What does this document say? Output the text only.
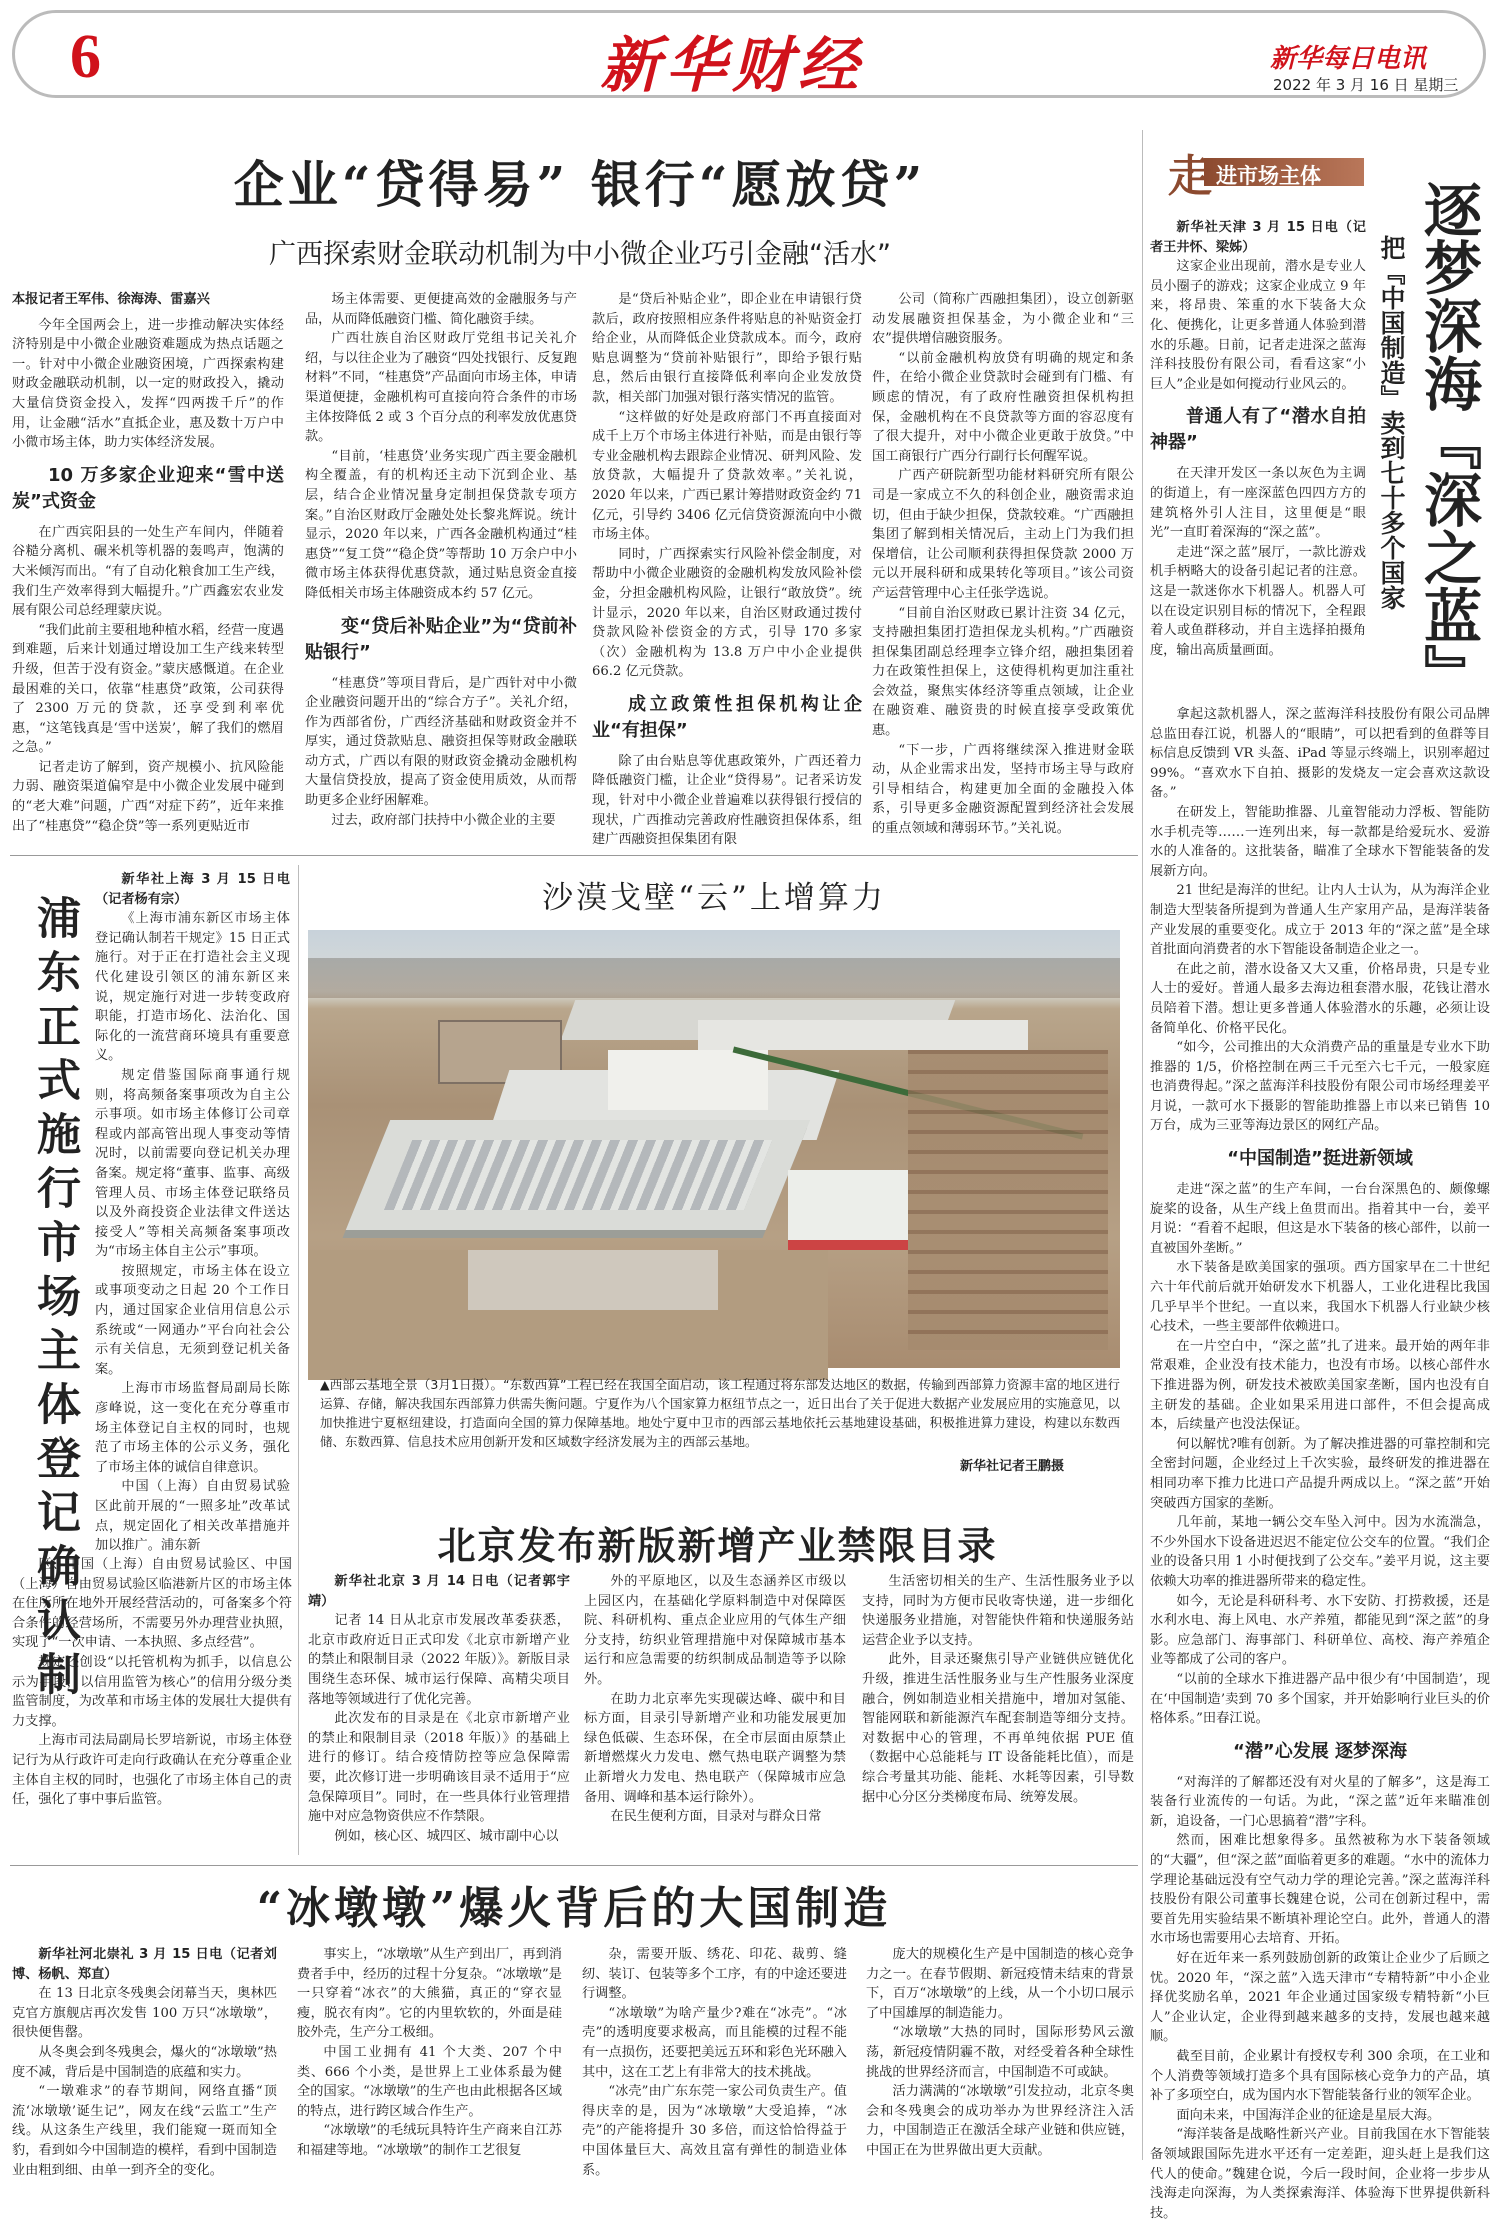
6	新华财经	新华每日电讯
2022 年 3 月 16 日 星期三
企业“贷得易” 银行“愿放贷”
广西探索财金联动机制为中小微企业巧引金融“活水”

本报记者王军伟、徐海涛、雷嘉兴

今年全国两会上，进一步推动解决实体经济特别是中小微企业融资难题成为热点话题之一。针对中小微企业融资困境，广西探索构建财政金融联动机制，以一定的财政投入，撬动大量信贷资金投入，发挥“四两拨千斤”的作用，让金融“活水”直抵企业，惠及数十万户中小微市场主体，助力实体经济发展。

10 万多家企业迎来“雪中送炭”式资金

在广西宾阳县的一处生产车间内，伴随着谷糙分离机、碾米机等机器的轰鸣声，饱满的大米倾泻而出。“有了自动化粮食加工生产线，我们生产效率得到大幅提升。”广西鑫宏农业发展有限公司总经理蒙庆说。

“我们此前主要租地种植水稻，经营一度遇到难题，后来计划通过增设加工生产线来转型升级，但苦于没有资金。”蒙庆感慨道。在企业最困难的关口，依靠“桂惠贷”政策，公司获得了 2300 万元的贷款，还享受到利率优惠，“这笔钱真是‘雪中送炭’，解了我们的燃眉之急。”

记者走访了解到，资产规模小、抗风险能力弱、融资渠道偏窄是中小微企业发展中碰到的“老大难”问题，广西“对症下药”，近年来推出了“桂惠贷”“稳企贷”等一系列更贴近市

场主体需要、更便捷高效的金融服务与产品，从而降低融资门槛、简化融资手续。

广西壮族自治区财政厅党组书记关礼介绍，与以往企业为了融资“四处找银行、反复跑材料”不同，“桂惠贷”产品面向市场主体，申请渠道便捷，金融机构可直接向符合条件的市场主体按降低 2 或 3 个百分点的利率发放优惠贷款。

“目前，‘桂惠贷’业务实现广西主要金融机构全覆盖，有的机构还主动下沉到企业、基层，结合企业情况量身定制担保贷款专项方案。”自治区财政厅金融处处长黎兆辉说。统计显示，2020 年以来，广西各金融机构通过“桂惠贷”“复工贷”“稳企贷”等帮助 10 万余户中小微市场主体获得优惠贷款，通过贴息资金直接降低相关市场主体融资成本约 57 亿元。

变“贷后补贴企业”为“贷前补贴银行”

“桂惠贷”等项目背后，是广西针对中小微企业融资问题开出的“综合方子”。关礼介绍，作为西部省份，广西经济基础和财政资金并不厚实，通过贷款贴息、融资担保等财政金融联动方式，广西以有限的财政资金撬动金融机构大量信贷投放，提高了资金使用质效，从而帮助更多企业纾困解难。

过去，政府部门扶持中小微企业的主要

是“贷后补贴企业”，即企业在申请银行贷款后，政府按照相应条件将贴息的补贴资金打给企业，从而降低企业贷款成本。而今，政府贴息调整为“贷前补贴银行”，即给予银行贴息，然后由银行直接降低利率向企业发放贷款，相关部门加强对银行落实情况的监管。

“这样做的好处是政府部门不再直接面对成千上万个市场主体进行补贴，而是由银行等专业金融机构去跟踪企业情况、研判风险、发放贷款，大幅提升了贷款效率。”关礼说，2020 年以来，广西已累计筹措财政资金约 71 亿元，引导约 3406 亿元信贷资源流向中小微市场主体。

同时，广西探索实行风险补偿金制度，对帮助中小微企业融资的金融机构发放风险补偿金，分担金融机构风险，让银行“敢放贷”。统计显示，2020 年以来，自治区财政通过拨付贷款风险补偿资金的方式，引导 170 多家（次）金融机构为 13.8 万户中小企业提供 66.2 亿元贷款。

成立政策性担保机构让企业“有担保”

除了由台贴息等优惠政策外，广西还着力降低融资门槛，让企业“贷得易”。记者采访发现，针对中小微企业普遍难以获得银行授信的现状，广西推动完善政府性融资担保体系，组建广西融资担保集团有限

公司（简称广西融担集团），设立创新驱动发展融资担保基金，为小微企业和“三农”提供增信融资服务。

“以前金融机构放贷有明确的规定和条件，在给小微企业贷款时会碰到有门槛、有顾虑的情况，有了政府性融资担保机构担保，金融机构在不良贷款等方面的容忍度有了很大提升，对中小微企业更敢于放贷。”中国工商银行广西分行副行长何醒军说。

广西产研院新型功能材料研究所有限公司是一家成立不久的科创企业，融资需求迫切，但由于缺少担保，贷款较难。“广西融担集团了解到相关情况后，主动上门为我们担保增信，让公司顺利获得担保贷款 2000 万元以开展科研和成果转化等项目。”该公司资产运营管理中心主任张学选说。

“目前自治区财政已累计注资 34 亿元，支持融担集团打造担保龙头机构。”广西融资担保集团副总经理李立锋介绍，融担集团着力在政策性担保上，这使得机构更加注重社会效益，聚焦实体经济等重点领域，让企业在融资难、融资贵的时候直接享受政策优惠。

“下一步，广西将继续深入推进财金联动，从企业需求出发，坚持市场主导与政府引导相结合，构建更加全面的金融投入体系，引导更多金融资源配置到经济社会发展的重点领域和薄弱环节。”关礼说。

走 进市场主体
逐梦深海『深之蓝』
把『中国制造』卖到七十多个国家

新华社天津 3 月 15 日电（记者王井怀、梁姊）

这家企业出现前，潜水是专业人员小圈子的游戏；这家企业成立 9 年来，将昂贵、笨重的水下装备大众化、便携化，让更多普通人体验到潜水的乐趣。日前，记者走进深之蓝海洋科技股份有限公司，看看这家“小巨人”企业是如何搅动行业风云的。

普通人有了“潜水自拍神器”

在天津开发区一条以灰色为主调的街道上，有一座深蓝色四四方方的建筑格外引人注目，这里便是“眼光”一直盯着深海的“深之蓝”。

走进“深之蓝”展厅，一款比游戏机手柄略大的设备引起记者的注意。这是一款迷你水下机器人。机器人可以在设定识别目标的情况下，全程跟着人或鱼群移动，并自主选择拍摄角度，输出高质量画面。

拿起这款机器人，深之蓝海洋科技股份有限公司品牌总监田春江说，机器人的“眼睛”，可以把看到的鱼群等目标信息反馈到 VR 头盔、iPad 等显示终端上，识别率超过 99%。“喜欢水下自拍、摄影的发烧友一定会喜欢这款设备。”

在研发上，智能助推器、儿童智能动力浮板、智能防水手机壳等……一连列出来，每一款都是给爱玩水、爱游水的人准备的。这批装备，瞄准了全球水下智能装备的发展新方向。

21 世纪是海洋的世纪。让内人士认为，从为海洋企业制造大型装备所提到为普通人生产家用产品，是海洋装备产业发展的重要变化。成立于 2013 年的“深之蓝”是全球首批面向消费者的水下智能设备制造企业之一。

在此之前，潜水设备又大又重，价格昂贵，只是专业人士的爱好。普通人最多去海边租套潜水服，花钱让潜水员陪着下潜。想让更多普通人体验潜水的乐趣，必须让设备简单化、价格平民化。

“如今，公司推出的大众消费产品的重量是专业水下助推器的 1/5，价格控制在两三千元至六七千元，一般家庭也消费得起。”深之蓝海洋科技股份有限公司市场经理姜平月说，一款可水下摄影的智能助推器上市以来已销售 10 万台，成为三亚等海边景区的网红产品。

“中国制造”挺进新领域

走进“深之蓝”的生产车间，一台台深黑色的、颇像螺旋桨的设备，从生产线上鱼贯而出。指着其中一台，姜平月说：“看着不起眼，但这是水下装备的核心部件，以前一直被国外垄断。”

水下装备是欧美国家的强项。西方国家早在二十世纪六十年代前后就开始研发水下机器人，工业化进程比我国几乎早半个世纪。一直以来，我国水下机器人行业缺少核心技术，一些主要部件依赖进口。

在一片空白中，“深之蓝”扎了进来。最开始的两年非常艰难，企业没有技术能力，也没有市场。以核心部件水下推进器为例，研发技术被欧美国家垄断，国内也没有自主研发的基础。企业如果采用进口部件，不但会提高成本，后续量产也没法保证。

何以解忧?唯有创新。为了解决推进器的可靠控制和完全密封问题，企业经过上千次实验，最终研发的推进器在相同功率下推力比进口产品提升两成以上。“深之蓝”开始突破西方国家的垄断。

几年前，某地一辆公交车坠入河中。因为水流湍急，不少外国水下设备进迟迟不能定位公交车的位置。“我们企业的设备只用 1 小时便找到了公交车。”姜平月说，这主要依赖大功率的推进器所带来的稳定性。

如今，无论是科研科考、水下安防、打捞救援，还是水利水电、海上风电、水产养殖，都能见到“深之蓝”的身影。应急部门、海事部门、科研单位、高校、海产养殖企业等都成了公司的客户。

“以前的全球水下推进器产品中很少有‘中国制造’，现在‘中国制造’卖到 70 多个国家，并开始影响行业巨头的价格体系。”田春江说。

“潜”心发展 逐梦深海

“对海洋的了解都还没有对火星的了解多”，这是海工装备行业流传的一句话。为此，“深之蓝”近年来瞄准创新，追设备，一门心思搞着“潜”字科。

然而，困难比想象得多。虽然被称为水下装备领域的“大疆”，但“深之蓝”面临着更多的难题。“水中的流体力学理论基础远没有空气动力学的理论完善。”深之蓝海洋科技股份有限公司董事长魏建仓说，公司在创新过程中，需要首先用实验结果不断填补理论空白。此外，普通人的潜水市场也需要用心去培育、开拓。

好在近年来一系列鼓励创新的政策让企业少了后顾之忧。2020 年，“深之蓝”入选天津市“专精特新”中小企业择优奖励名单，2021 年企业通过国家级专精特新“小巨人”企业认定，企业得到越来越多的支持，发展也越来越顺。

截至目前，企业累计有授权专利 300 余项，在工业和个人消费等领域打造多个具有国际核心竞争力的产品，填补了多项空白，成为国内水下智能装备行业的领军企业。

面向未来，中国海洋企业的征途是星辰大海。

“海洋装备是战略性新兴产业。目前我国在水下智能装备领域跟国际先进水平还有一定差距，迎头赶上是我们这代人的使命。”魏建仓说，今后一段时间，企业将一步步从浅海走向深海，为人类探索海洋、体验海下世界提供新科技。

浦东正式施行市场主体登记确认制

新华社上海 3 月 15 日电（记者杨有宗）

《上海市浦东新区市场主体登记确认制若干规定》15 日正式施行。对于正在打造社会主义现代化建设引领区的浦东新区来说，规定施行对进一步转变政府职能，打造市场化、法治化、国际化的一流营商环境具有重要意义。

规定借鉴国际商事通行规则，将高频备案事项改为自主公示事项。如市场主体修订公司章程或内部高管出现人事变动等情况时，以前需要向登记机关办理备案。规定将“董事、监事、高级管理人员、市场主体登记联络员以及外商投资企业法律文件送达接受人”等相关高频备案事项改为“市场主体自主公示”事项。

按照规定，市场主体在设立或事项变动之日起 20 个工作日内，通过国家企业信用信息公示系统或“一网通办”平台向社会公示有关信息，无须到登记机关备案。

上海市市场监督局副局长陈彦峰说，这一变化在充分尊重市场主体登记自主权的同时，也规范了市场主体的公示义务，强化了市场主体的诚信自律意识。

中国（上海）自由贸易试验区此前开展的“一照多址”改革试点，规定固化了相关改革措施并加以推广。浦东新

区、中国（上海）自由贸易试验区、中国（上海）自由贸易试验区临港新片区的市场主体在住所所在地外开展经营活动的，可备案多个符合条件的经营场所，不需要另外办理营业执照，实现了“一次申请、一本执照、多点经营”。

规定还创设“以托管机构为抓手，以信息公示为手段，以信用监管为核心”的信用分级分类监管制度，为改革和市场主体的发展壮大提供有力支撑。

上海市司法局副局长罗培新说，市场主体登记行为从行政许可走向行政确认在充分尊重企业主体自主权的同时，也强化了市场主体自己的责任，强化了事中事后监管。

沙漠戈壁“云”上增算力
▲西部云基地全景（3月1日摄）。“东数西算”工程已经在我国全面启动，该工程通过将东部发达地区的数据，传输到西部算力资源丰富的地区进行运算、存储，解决我国东西部算力供需失衡问题。宁夏作为八个国家算力枢纽节点之一，近日出台了关于促进大数据产业发展应用的实施意见，以加快推进宁夏枢纽建设，打造面向全国的算力保障基地。地处宁夏中卫市的西部云基地依托云基地建设基础，积极推进算力建设，构建以东数西储、东数西算、信息技术应用创新开发和区域数字经济发展为主的西部云基地。
新华社记者王鹏摄
北京发布新版新增产业禁限目录

新华社北京 3 月 14 日电（记者郭宇靖）

记者 14 日从北京市发展改革委获悉，北京市政府近日正式印发《北京市新增产业的禁止和限制目录（2022 年版）》。新版目录围绕生态环保、城市运行保障、高精尖项目落地等领域进行了优化完善。

此次发布的目录是在《北京市新增产业的禁止和限制目录（2018 年版）》的基础上进行的修订。结合疫情防控等应急保障需要，此次修订进一步明确该目录不适用于“应急保障项目”。同时，在一些具体行业管理措施中对应急物资供应不作禁限。

例如，核心区、城四区、城市副中心以

外的平原地区，以及生态涵养区市级以上园区内，在基础化学原料制造中对保障医院、科研机构、重点企业应用的气体生产细分支持，纺织业管理措施中对保障城市基本运行和应急需要的纺织制成品制造等予以除外。

在助力北京率先实现碳达峰、碳中和目标方面，目录引导新增产业和功能发展更加绿色低碳、生态环保，在全市层面由原禁止新增燃煤火力发电、燃气热电联产调整为禁止新增火力发电、热电联产（保障城市应急备用、调峰和基本运行除外）。

在民生便利方面，目录对与群众日常

生活密切相关的生产、生活性服务业予以支持，同时为方便市民收寄快递，进一步细化快递服务业措施，对智能快件箱和快递服务站运营企业予以支持。

此外，目录还聚焦引导产业链供应链优化升级，推进生活性服务业与生产性服务业深度融合，例如制造业相关措施中，增加对氢能、智能网联和新能源汽车配套制造等细分支持。对数据中心的管理，不再单纯依据 PUE 值（数据中心总能耗与 IT 设备能耗比值），而是综合考量其功能、能耗、水耗等因素，引导数据中心分区分类梯度布局、统筹发展。

“冰墩墩”爆火背后的大国制造

新华社河北崇礼 3 月 15 日电（记者刘博、杨帆、郑直）

在 13 日北京冬残奥会闭幕当天，奥林匹克官方旗舰店再次发售 100 万只“冰墩墩”，很快便售罄。

从冬奥会到冬残奥会，爆火的“冰墩墩”热度不减，背后是中国制造的底蕴和实力。

“一墩难求”的春节期间，网络直播“顶流‘冰墩墩’诞生记”，网友在线“云监工”生产线。从这条生产线里，我们能窥一斑而知全豹，看到如今中国制造的模样，看到中国制造业由粗到细、由单一到齐全的变化。

事实上，“冰墩墩”从生产到出厂，再到消费者手中，经历的过程十分复杂。“冰墩墩”是一只穿着“冰衣”的大熊猫，真正的“穿衣显瘦，脱衣有肉”。它的内里软软的，外面是硅胶外壳，生产分工极细。

中国工业拥有 41 个大类、207 个中类、666 个小类，是世界上工业体系最为健全的国家。“冰墩墩”的生产也由此根据各区域的特点，进行跨区域合作生产。

“冰墩墩”的毛绒玩具特许生产商来自江苏和福建等地。“冰墩墩”的制作工艺很复

杂，需要开版、绣花、印花、裁剪、缝纫、装订、包装等多个工序，有的中途还要进行调整。

“冰墩墩”为啥产量少?难在“冰壳”。“冰壳”的透明度要求极高，而且能模的过程不能有一点损伤，还要把美远五环和彩色光环融入其中，这在工艺上有非常大的技术挑战。

“冰壳”由广东东莞一家公司负责生产。值得庆幸的是，因为“冰墩墩”大受追捧，“冰壳”的产能将提升 30 多倍，而这恰恰得益于中国体量巨大、高效且富有弹性的制造业体系。

庞大的规模化生产是中国制造的核心竞争力之一。在春节假期、新冠疫情未结束的背景下，百万“冰墩墩”的上线，从一个小切口展示了中国雄厚的制造能力。

“冰墩墩”大热的同时，国际形势风云激荡，新冠疫情阴霾不散，对经受着各种全球性挑战的世界经济而言，中国制造不可或缺。

活力满满的“冰墩墩”引发拉动，北京冬奥会和冬残奥会的成功举办为世界经济注入活力，中国制造正在激活全球产业链和供应链，中国正在为世界做出更大贡献。
